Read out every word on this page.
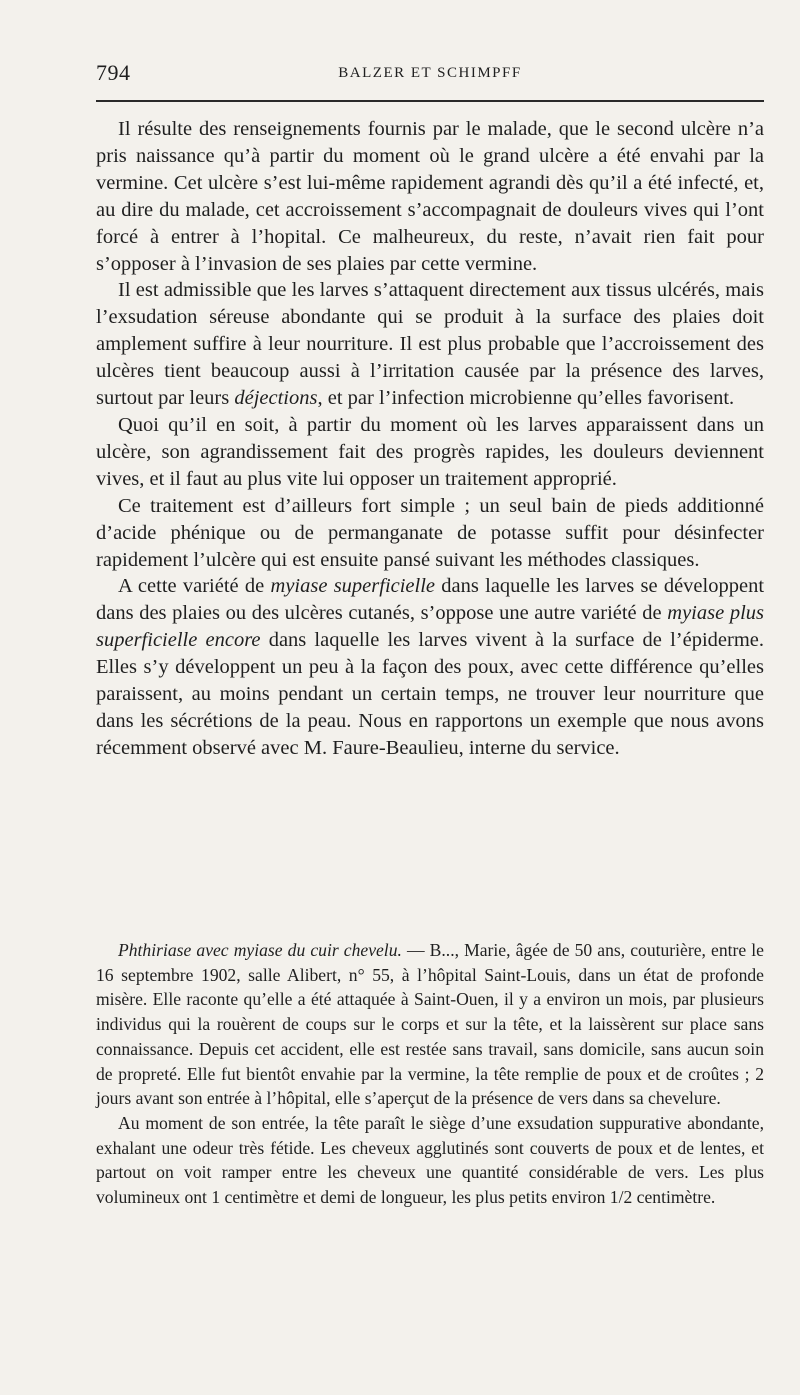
794	BALZER ET SCHIMPFF

Il résulte des renseignements fournis par le malade, que le second ulcère n’a pris naissance qu’à partir du moment où le grand ulcère a été envahi par la vermine. Cet ulcère s’est lui-même rapidement agrandi dès qu’il a été infecté, et, au dire du malade, cet accroissement s’accompagnait de douleurs vives qui l’ont forcé à entrer à l’hopital. Ce malheureux, du reste, n’avait rien fait pour s’opposer à l’invasion de ses plaies par cette vermine.

Il est admissible que les larves s’attaquent directement aux tissus ulcérés, mais l’exsudation séreuse abondante qui se produit à la surface des plaies doit amplement suffire à leur nourriture. Il est plus probable que l’accroissement des ulcères tient beaucoup aussi à l’irritation causée par la présence des larves, surtout par leurs déjections, et par l’infection microbienne qu’elles favorisent.

Quoi qu’il en soit, à partir du moment où les larves apparaissent dans un ulcère, son agrandissement fait des progrès rapides, les douleurs deviennent vives, et il faut au plus vite lui opposer un traitement approprié.

Ce traitement est d’ailleurs fort simple ; un seul bain de pieds additionné d’acide phénique ou de permanganate de potasse suffit pour désinfecter rapidement l’ulcère qui est ensuite pansé suivant les méthodes classiques.

A cette variété de myiase superficielle dans laquelle les larves se développent dans des plaies ou des ulcères cutanés, s’oppose une autre variété de myiase plus superficielle encore dans laquelle les larves vivent à la surface de l’épiderme. Elles s’y développent un peu à la façon des poux, avec cette différence qu’elles paraissent, au moins pendant un certain temps, ne trouver leur nourriture que dans les sécrétions de la peau. Nous en rapportons un exemple que nous avons récemment observé avec M. Faure-Beaulieu, interne du service.

Phthiriase avec myiase du cuir chevelu. — B..., Marie, âgée de 50 ans, couturière, entre le 16 septembre 1902, salle Alibert, n° 55, à l’hôpital Saint-Louis, dans un état de profonde misère. Elle raconte qu’elle a été attaquée à Saint-Ouen, il y a environ un mois, par plusieurs individus qui la rouèrent de coups sur le corps et sur la tête, et la laissèrent sur place sans connaissance. Depuis cet accident, elle est restée sans travail, sans domicile, sans aucun soin de propreté. Elle fut bientôt envahie par la vermine, la tête remplie de poux et de croûtes ; 2 jours avant son entrée à l’hôpital, elle s’aperçut de la présence de vers dans sa chevelure.

Au moment de son entrée, la tête paraît le siège d’une exsudation suppurative abondante, exhalant une odeur très fétide. Les cheveux agglutinés sont couverts de poux et de lentes, et partout on voit ramper entre les cheveux une quantité considérable de vers. Les plus volumineux ont 1 centimètre et demi de longueur, les plus petits environ 1/2 centimètre.
